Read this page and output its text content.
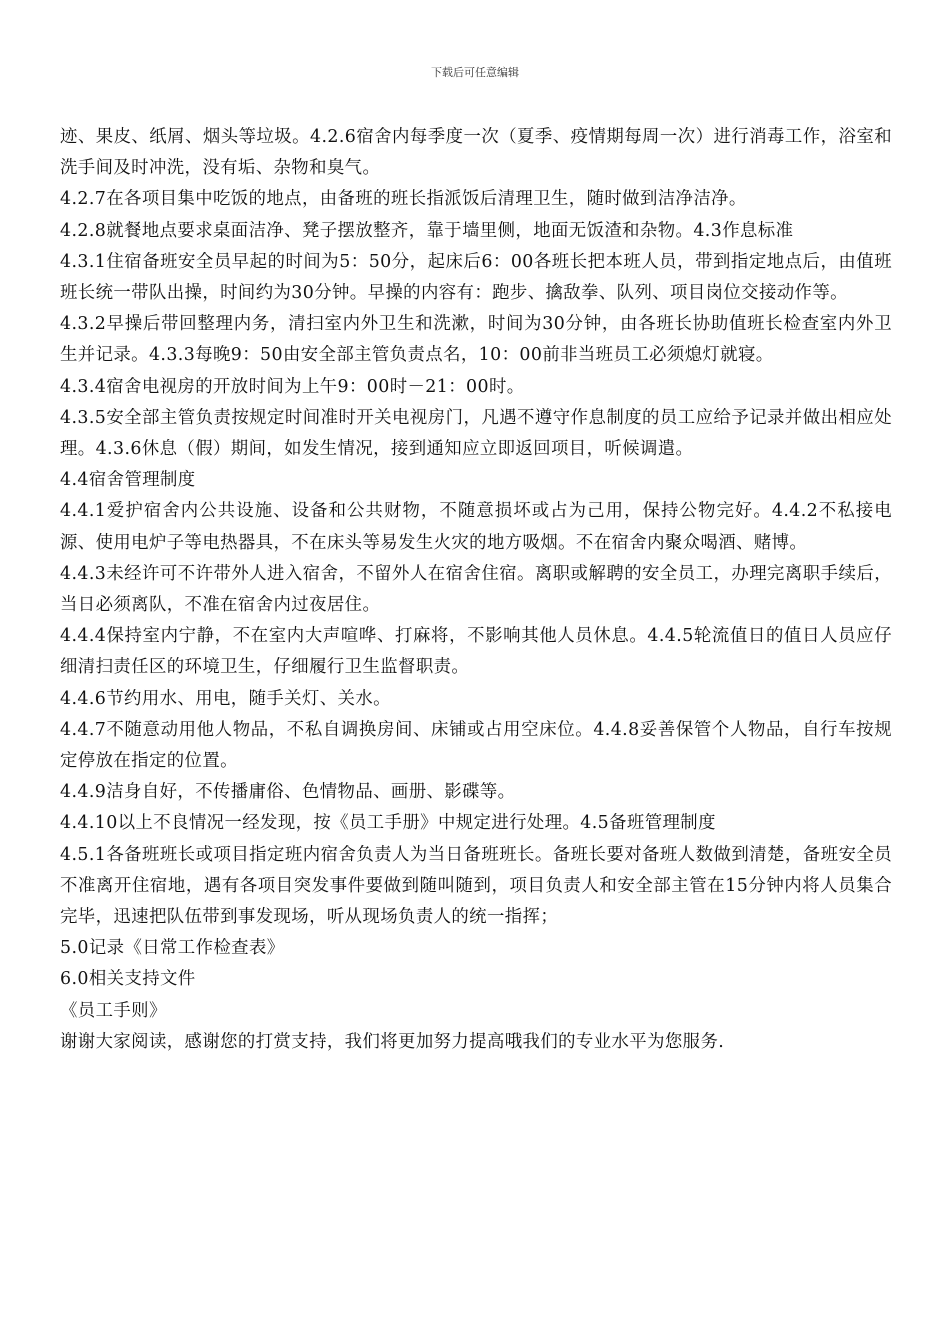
下载后可任意编辑

迹、果皮、纸屑、烟头等垃圾。4.2.6宿舍内每季度一次（夏季、疫情期每周一次）进行消毒工作，浴室和洗手间及时冲洗，没有垢、杂物和臭气。

4.2.7在各项目集中吃饭的地点，由备班的班长指派饭后清理卫生，随时做到洁净洁净。

4.2.8就餐地点要求桌面洁净、凳子摆放整齐，靠于墙里侧，地面无饭渣和杂物。4.3作息标准

4.3.1住宿备班安全员早起的时间为5：50分，起床后6：00各班长把本班人员，带到指定地点后，由值班班长统一带队出操，时间约为30分钟。早操的内容有：跑步、擒敌拳、队列、项目岗位交接动作等。

4.3.2早操后带回整理内务，清扫室内外卫生和洗漱，时间为30分钟，由各班长协助值班长检查室内外卫生并记录。4.3.3每晚9：50由安全部主管负责点名，10：00前非当班员工必须熄灯就寝。

4.3.4宿舍电视房的开放时间为上午9：00时－21：00时。

4.3.5安全部主管负责按规定时间准时开关电视房门，凡遇不遵守作息制度的员工应给予记录并做出相应处理。4.3.6休息（假）期间，如发生情况，接到通知应立即返回项目，听候调遣。

4.4宿舍管理制度

4.4.1爱护宿舍内公共设施、设备和公共财物，不随意损坏或占为己用，保持公物完好。4.4.2不私接电源、使用电炉子等电热器具，不在床头等易发生火灾的地方吸烟。不在宿舍内聚众喝酒、赌博。

4.4.3未经许可不许带外人进入宿舍，不留外人在宿舍住宿。离职或解聘的安全员工，办理完离职手续后，当日必须离队，不准在宿舍内过夜居住。

4.4.4保持室内宁静，不在室内大声喧哗、打麻将，不影响其他人员休息。4.4.5轮流值日的值日人员应仔细清扫责任区的环境卫生，仔细履行卫生监督职责。

4.4.6节约用水、用电，随手关灯、关水。

4.4.7不随意动用他人物品，不私自调换房间、床铺或占用空床位。4.4.8妥善保管个人物品，自行车按规定停放在指定的位置。

4.4.9洁身自好，不传播庸俗、色情物品、画册、影碟等。

4.4.10以上不良情况一经发现，按《员工手册》中规定进行处理。4.5备班管理制度

4.5.1各备班班长或项目指定班内宿舍负责人为当日备班班长。备班长要对备班人数做到清楚，备班安全员不准离开住宿地，遇有各项目突发事件要做到随叫随到，项目负责人和安全部主管在15分钟内将人员集合完毕，迅速把队伍带到事发现场，听从现场负责人的统一指挥；

5.0记录《日常工作检查表》

6.0相关支持文件

《员工手则》

谢谢大家阅读，感谢您的打赏支持，我们将更加努力提高哦我们的专业水平为您服务.
